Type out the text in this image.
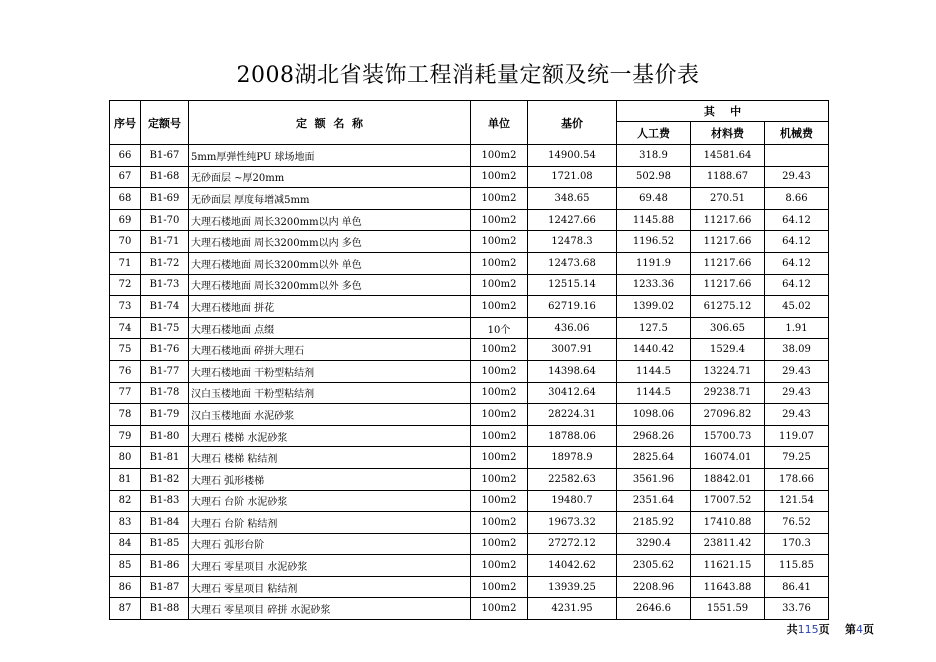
2008湖北省装饰工程消耗量定额及统一基价表
序号	定额号	定  额  名  称	单位	基价	其    中		
					人工费	材料费	机械费
66	B1-67	5mm厚弹性纯PU 球场地面	100m2	14900.54	318.9	14581.64	
67	B1-68	无砂面层 ~厚20mm	100m2	1721.08	502.98	1188.67	29.43
68	B1-69	无砂面层 厚度每增减5mm	100m2	348.65	69.48	270.51	8.66
69	B1-70	大理石楼地面 周长3200mm以内 单色	100m2	12427.66	1145.88	11217.66	64.12
70	B1-71	大理石楼地面 周长3200mm以内 多色	100m2	12478.3	1196.52	11217.66	64.12
71	B1-72	大理石楼地面 周长3200mm以外 单色	100m2	12473.68	1191.9	11217.66	64.12
72	B1-73	大理石楼地面 周长3200mm以外 多色	100m2	12515.14	1233.36	11217.66	64.12
73	B1-74	大理石楼地面 拼花	100m2	62719.16	1399.02	61275.12	45.02
74	B1-75	大理石楼地面 点缀	10个	436.06	127.5	306.65	1.91
75	B1-76	大理石楼地面 碎拼大理石	100m2	3007.91	1440.42	1529.4	38.09
76	B1-77	大理石楼地面 干粉型粘结剂	100m2	14398.64	1144.5	13224.71	29.43
77	B1-78	汉白玉楼地面 干粉型粘结剂	100m2	30412.64	1144.5	29238.71	29.43
78	B1-79	汉白玉楼地面 水泥砂浆	100m2	28224.31	1098.06	27096.82	29.43
79	B1-80	大理石 楼梯 水泥砂浆	100m2	18788.06	2968.26	15700.73	119.07
80	B1-81	大理石 楼梯 粘结剂	100m2	18978.9	2825.64	16074.01	79.25
81	B1-82	大理石 弧形楼梯	100m2	22582.63	3561.96	18842.01	178.66
82	B1-83	大理石 台阶 水泥砂浆	100m2	19480.7	2351.64	17007.52	121.54
83	B1-84	大理石 台阶 粘结剂	100m2	19673.32	2185.92	17410.88	76.52
84	B1-85	大理石 弧形台阶	100m2	27272.12	3290.4	23811.42	170.3
85	B1-86	大理石 零星项目 水泥砂浆	100m2	14042.62	2305.62	11621.15	115.85
86	B1-87	大理石 零星项目 粘结剂	100m2	13939.25	2208.96	11643.88	86.41
87	B1-88	大理石 零星项目 碎拼 水泥砂浆	100m2	4231.95	2646.6	1551.59	33.76
共115页 第4页
